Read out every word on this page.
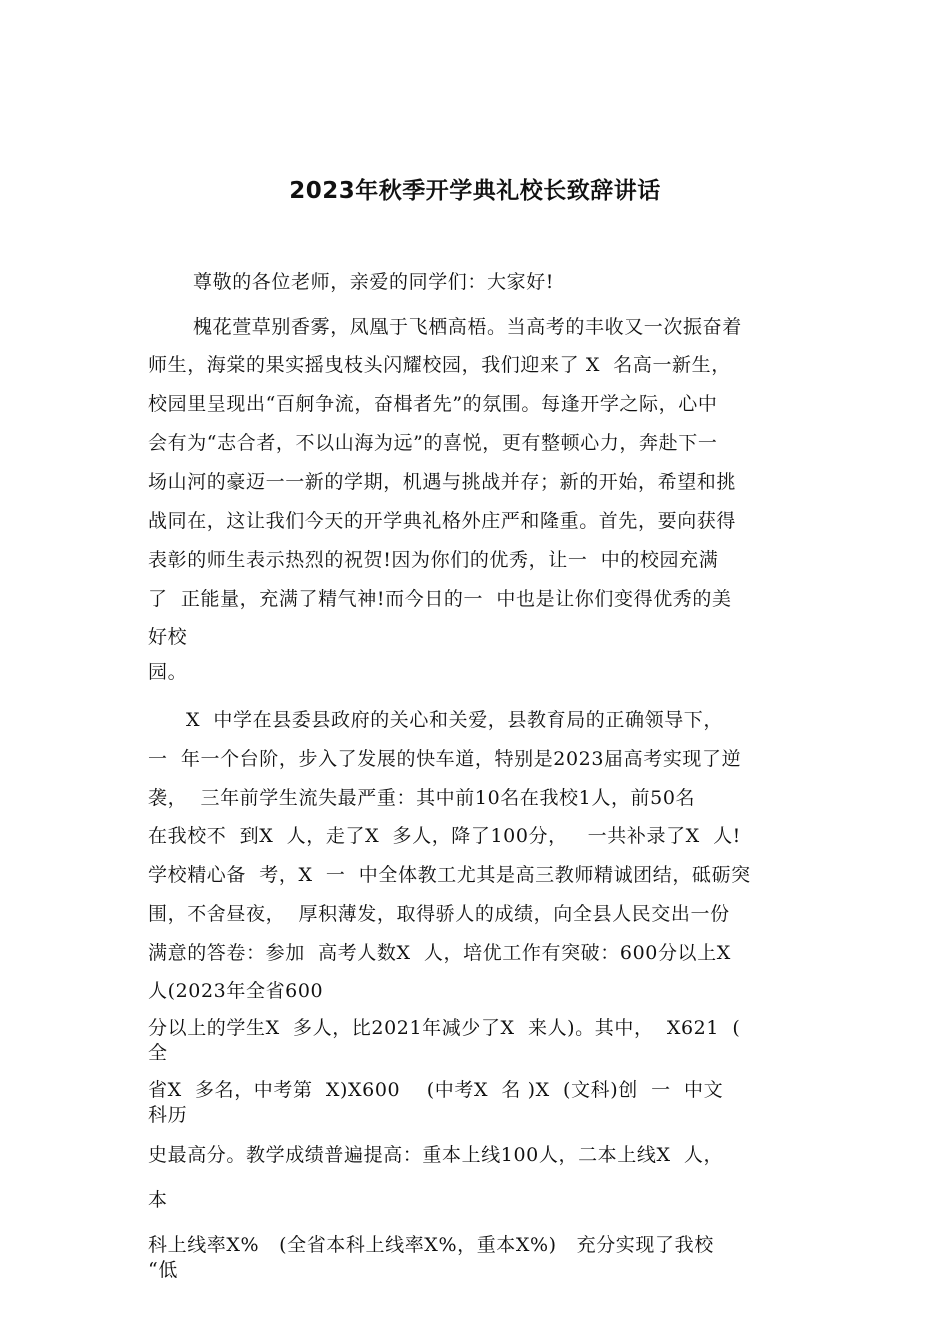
2023年秋季开学典礼校长致辞讲话
尊敬的各位老师，亲爱的同学们：大家好!
槐花萱草别香雾，凤凰于飞栖高梧。当高考的丰收又一次振奋着
师生，海棠的果实摇曳枝头闪耀校园，我们迎来了 X  名高一新生，
校园里呈现出“百舸争流，奋楫者先”的氛围。每逢开学之际，心中
会有为“志合者，不以山海为远”的喜悦，更有整顿心力，奔赴下一
场山河的豪迈一一新的学期，机遇与挑战并存；新的开始，希望和挑
战同在，这让我们今天的开学典礼格外庄严和隆重。首先，要向获得
表彰的师生表示热烈的祝贺!因为你们的优秀，让一  中的校园充满
了  正能量，充满了精气神!而今日的一  中也是让你们变得优秀的美
好校
园。
X  中学在县委县政府的关心和关爱，县教育局的正确领导下，
一  年一个台阶，步入了发展的快车道，特别是2023届高考实现了逆
袭，  三年前学生流失最严重：其中前10名在我校1人，前50名
在我校不  到X  人，走了X  多人，降了100分，   一共补录了X  人!
学校精心备  考，X  一  中全体教工尤其是高三教师精诚团结，砥砺突
围，不舍昼夜，  厚积薄发，取得骄人的成绩，向全县人民交出一份
满意的答卷：参加  高考人数X  人，培优工作有突破：600分以上X
人(2023年全省600
分以上的学生X  多人，比2021年减少了X  来人)。其中，  X621  (
全
省X  多名，中考第  X)X600    (中考X  名 )X  (文科)创  一  中文
科历
史最高分。教学成绩普遍提高：重本上线100人，二本上线X  人，
本
科上线率X%   (全省本科上线率X%，重本X%)   充分实现了我校
“低
